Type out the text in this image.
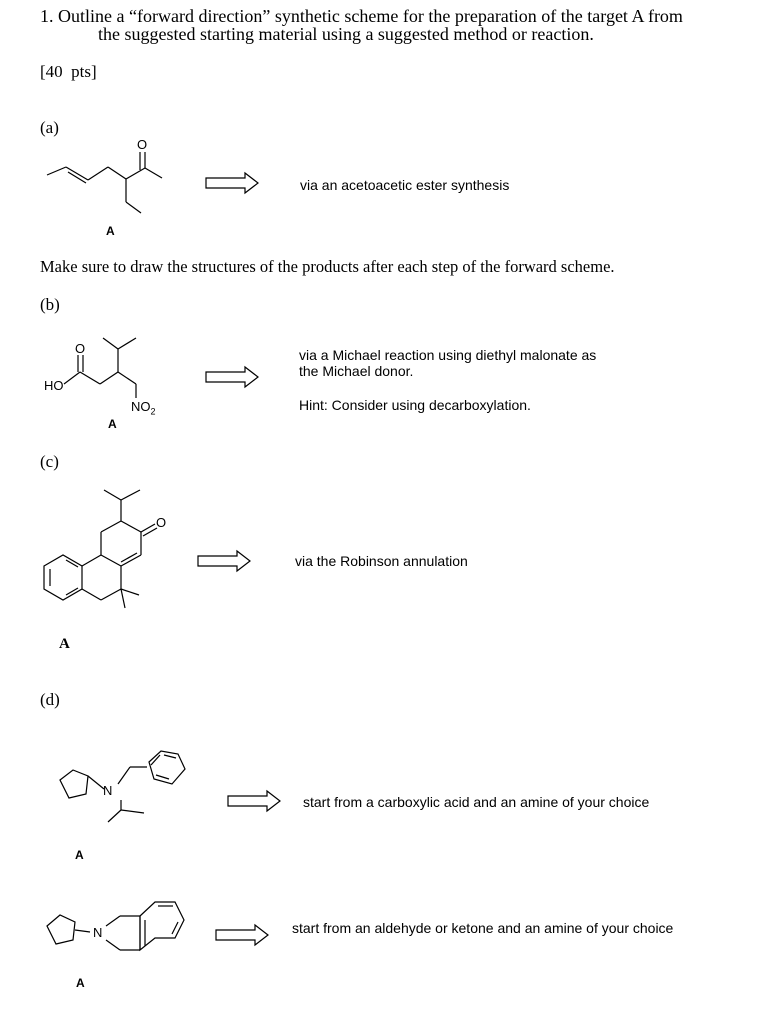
1. Outline a “forward direction” synthetic scheme for the preparation of the target A from
the suggested starting material using a suggested method or reaction.
[40  pts]
(a)
O
A
via an acetoacetic ester synthesis
Make sure to draw the structures of the products after each step of the forward scheme.
(b)
O
HO
$NO_2$
A
via a Michael reaction using diethyl malonate as
the Michael donor.
Hint: Consider using decarboxylation.
(c)
O
A
via the Robinson annulation
(d)
N
A
start from a carboxylic acid and an amine of your choice
N
A
start from an aldehyde or ketone and an amine of your choice
